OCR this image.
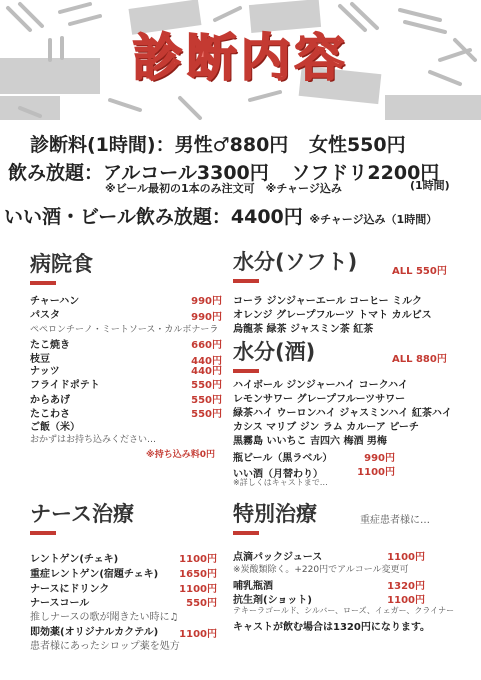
診断内容
診断料(1時間)：男性♂880円 女性550円
飲み放題：アルコール3300円 ソフドリ2200円
※ビール最初の1本のみ注文可　※チャージ込み	(1時間)
いい酒・ビール飲み放題：4400円 ※チャージ込み（1時間）
病院食
チャーハン	990円
パスタ	990円
ペペロンチーノ・ミートソース・カルボナーラ
たこ焼き	660円
枝豆	440円
ナッツ	440円
フライドポテト	550円
からあげ	550円
たこわさ	550円
ご飯（米）
おかずはお持ち込みください…
※持ち込み料0円
水分(ソフト)	ALL 550円
コーラ ジンジャーエール コーヒー ミルク
オレンジ グレープフルーツ トマト カルピス
烏龍茶 緑茶 ジャスミン茶 紅茶
水分(酒)	ALL 880円
ハイボール ジンジャーハイ コークハイ
レモンサワー グレープフルーツサワー
緑茶ハイ ウーロンハイ ジャスミンハイ 紅茶ハイ
カシス マリブ ジン ラム カルーア ピーチ
黒霧島 いいちこ 吉四六 梅酒 男梅
瓶ビール（黒ラベル）	990円
いい酒（月替わり）	1100円
※詳しくはキャストまで…
ナース治療
レントゲン(チェキ)	1100円
重症レントゲン(宿題チェキ) 1650円
ナースにドリンク	1100円
ナースコール	550円
推しナースの歌が聞きたい時に♫
即効薬(オリジナルカクテル) 1100円
患者様にあったシロップ薬を処方
特別治療	重症患者様に…
点滴パックジュース	1100円
※炭酸類除く。+220円でアルコール変更可
哺乳瓶酒	1320円
抗生剤(ショット)	1100円
テキーラゴールド、シルバー、ローズ、イェガー、クライナー
キャストが飲む場合は1320円になります。
